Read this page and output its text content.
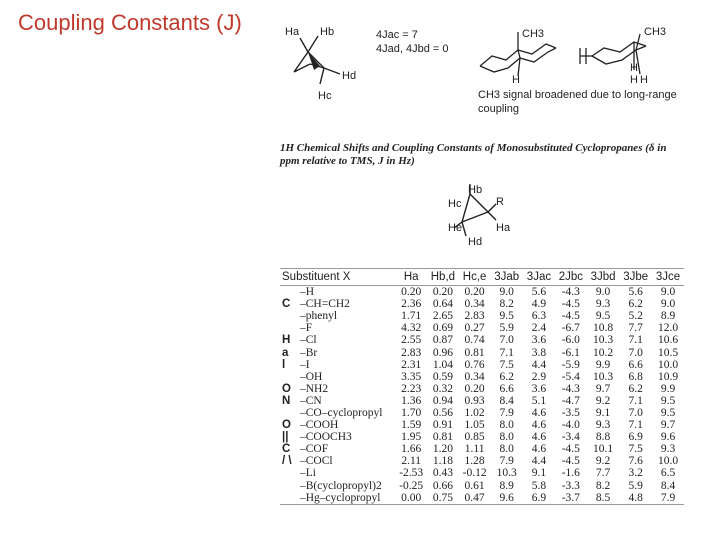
Coupling Constants (J)	Ha Hb
Hd
Hc
4Jac = 7
4Jad, 4Jbd = 0
CH3
H
CH3
H
H H
CH3 signal broadened due to long-range coupling
1H Chemical Shifts and Coupling Constants of Monosubstituted Cyclopropanes (δ in ppm relative to TMS, J in Hz)
Hb
Hc	R
Ha
He
Hd
Substituent X		Ha	Hb,d	Hc,e	3Jab	3Jac	2Jbc	3Jbd	3Jbe	3Jce
	–H	0.20	0.20	0.20	9.0	5.6	-4.3	9.0	5.6	9.0
C	–CH=CH2	2.36	0.64	0.34	8.2	4.9	-4.5	9.3	6.2	9.0
	–phenyl	1.71	2.65	2.83	9.5	6.3	-4.5	9.5	5.2	8.9
	–F	4.32	0.69	0.27	5.9	2.4	-6.7	10.8	7.7	12.0
H	–Cl	2.55	0.87	0.74	7.0	3.6	-6.0	10.3	7.1	10.6
a	–Br	2.83	0.96	0.81	7.1	3.8	-6.1	10.2	7.0	10.5
l	–I	2.31	1.04	0.76	7.5	4.4	-5.9	9.9	6.6	10.0
	–OH	3.35	0.59	0.34	6.2	2.9	-5.4	10.3	6.8	10.9
O	–NH2	2.23	0.32	0.20	6.6	3.6	-4.3	9.7	6.2	9.9
N	–CN	1.36	0.94	0.93	8.4	5.1	-4.7	9.2	7.1	9.5
	–CO–cyclopropyl	1.70	0.56	1.02	7.9	4.6	-3.5	9.1	7.0	9.5
O	–COOH	1.59	0.91	1.05	8.0	4.6	-4.0	9.3	7.1	9.7
||	–COOCH3	1.95	0.81	0.85	8.0	4.6	-3.4	8.8	6.9	9.6
C	–COF	1.66	1.20	1.11	8.0	4.6	-4.5	10.1	7.5	9.3
/ \	–COCl	2.11	1.18	1.28	7.9	4.4	-4.5	9.2	7.6	10.0
	–Li	-2.53	0.43	-0.12	10.3	9.1	-1.6	7.7	3.2	6.5
	–B(cyclopropyl)2	-0.25	0.66	0.61	8.9	5.8	-3.3	8.2	5.9	8.4
	–Hg–cyclopropyl	0.00	0.75	0.47	9.6	6.9	-3.7	8.5	4.8	7.9
